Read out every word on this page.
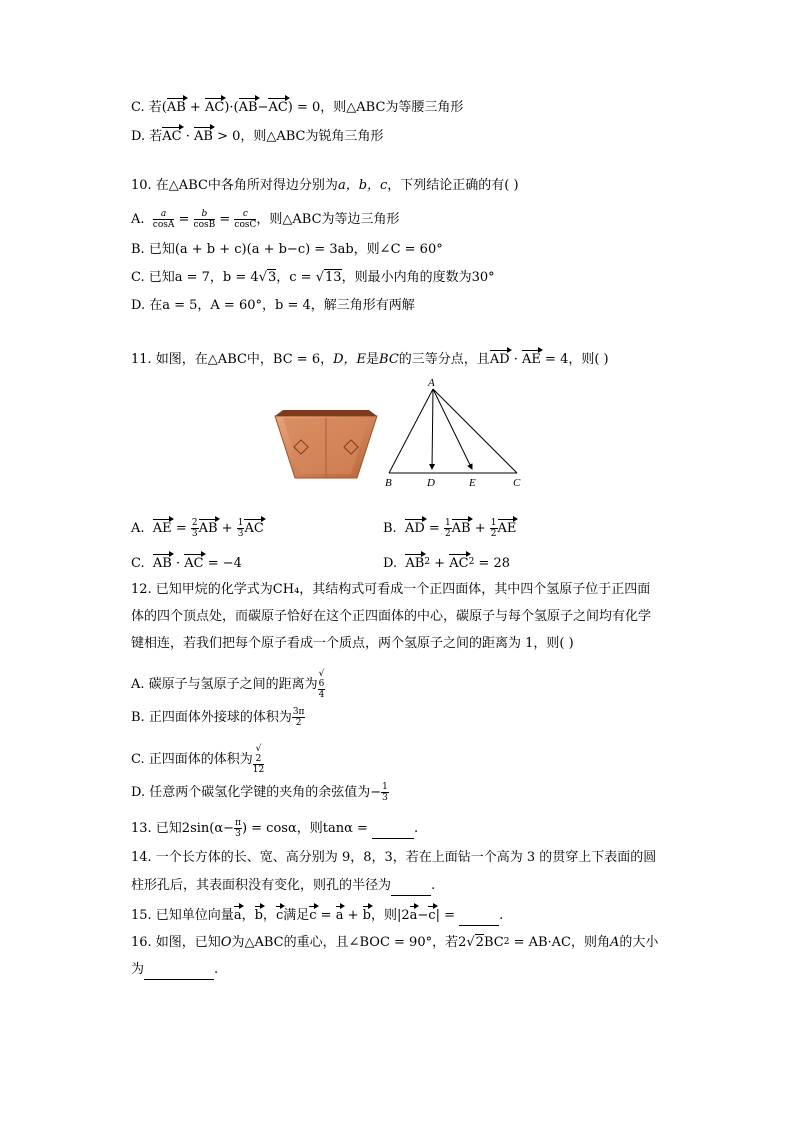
C. 若(AB + AC)·(AB−AC) = 0，则△ABC为等腰三角形
D. 若AC · AB > 0，则△ABC为锐角三角形
10. 在△ABC中各角所对得边分别为a，b，c，下列结论正确的有( )
A. $\frac{a}{\cos A} = \frac{b}{\cos B} = \frac{c}{\cos C}$ ，则△ABC为等边三角形
B. 已知(a + b + c)(a + b−c) = 3ab，则∠C = 60°
C. 已知a = 7，b = 4√3，c = √13，则最小内角的度数为30°
D. 在a = 5，A = 60°，b = 4，解三角形有两解
11. 如图，在△ABC中，BC = 6，D，E是BC的三等分点，且AD · AE = 4，则( )
A
B	D	E	C
A. AE = $\frac{2}{3}$ AB + $\frac{1}{3}$ AC	B. AD = $\frac{1}{2}$ AB + $\frac{1}{2}$ AE
C. AB · AC = −4	D. $AB^2 + AC^2 = 28$
12. 已知甲烷的化学式为CH₄，其结构式可看成一个正四面体，其中四个氢原子位于正四面
体的四个顶点处，而碳原子恰好在这个正四面体的中心，碳原子与每个氢原子之间均有化学
键相连，若我们把每个原子看成一个质点，两个氢原子之间的距离为 1，则( )
A. 碳原子与氢原子之间的距离为 √
6
4
B. 正四面体外接球的体积为 $\frac{3\pi}{2}$
C. 正四面体的体积为 √
2
12
D. 任意两个碳氢化学键的夹角的余弦值为− $\frac{1}{3}$
13. 已知$2\sin(\alpha- \frac{\pi}{3}$ ) = cosα，则tanα =	.
14. 一个长方体的长、宽、高分别为 9，8，3，若在上面钻一个高为 3 的贯穿上下表面的圆
柱形孔后，其表面积没有变化，则孔的半径为	.
15. 已知单位向量a，b，c满足c = a + b，则|2a−c| =	.
16. 如图，已知O为△ABC的重心，且∠BOC = 90°，若$2√2BC^2 = AB\cdot AC$，则角A的大小
为	.
